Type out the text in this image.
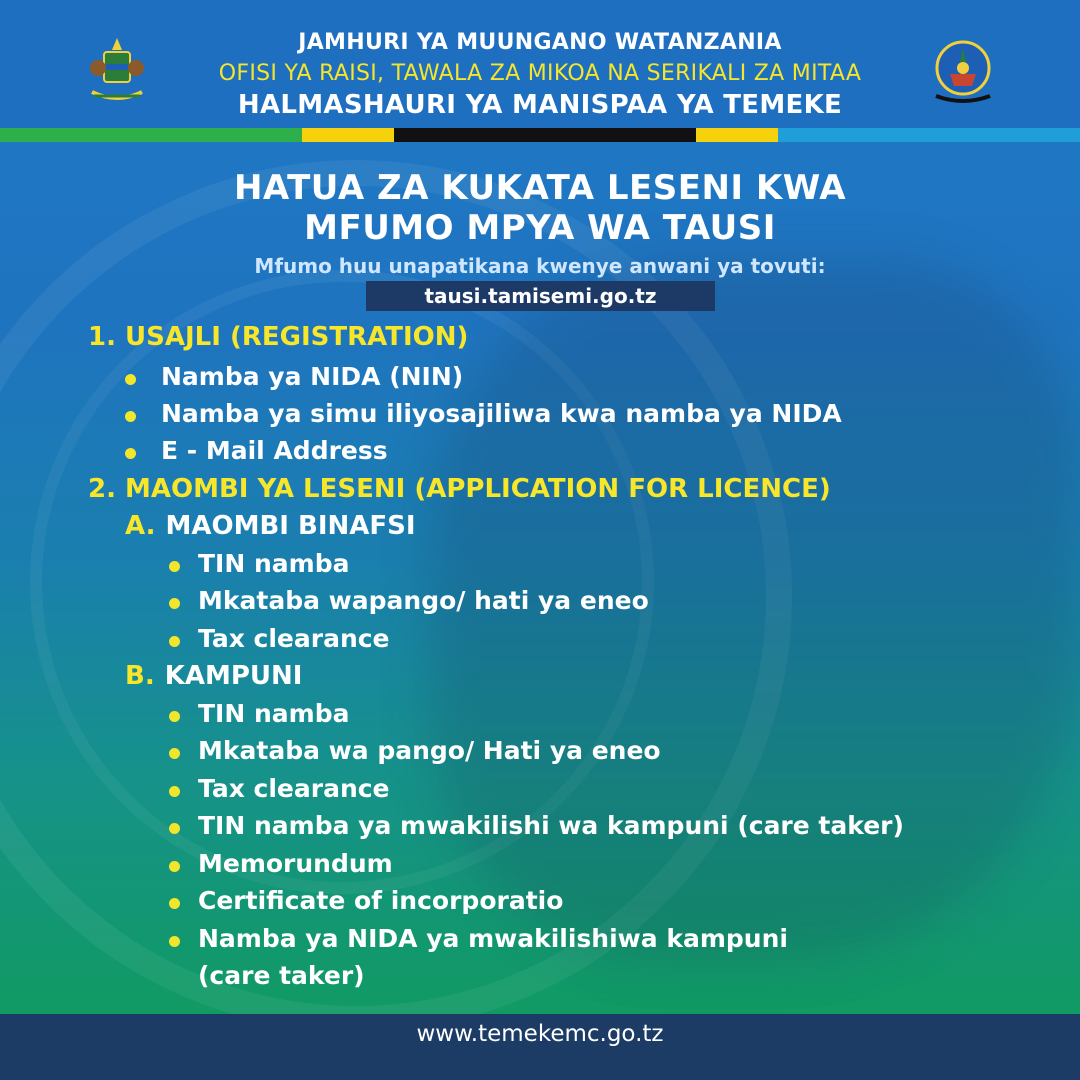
JAMHURI YA MUUNGANO WATANZANIA
OFISI YA RAISI, TAWALA ZA MIKOA NA SERIKALI ZA MITAA
HALMASHAURI YA MANISPAA YA TEMEKE
HATUA ZA KUKATA LESENI KWA
MFUMO MPYA WA TAUSI
Mfumo huu unapatikana kwenye anwani ya tovuti:
tausi.tamisemi.go.tz
1. USAJLI (REGISTRATION)
Namba ya NIDA (NIN)
Namba ya simu iliyosajiliwa kwa namba ya NIDA
E - Mail Address
2. MAOMBI YA LESENI (APPLICATION FOR LICENCE)
A. MAOMBI BINAFSI
TIN namba
Mkataba wapango/ hati ya eneo
Tax clearance
B. KAMPUNI
TIN namba
Mkataba wa pango/ Hati ya eneo
Tax clearance
TIN namba ya mwakilishi wa kampuni (care taker)
Memorundum
Certificate of incorporatio
Namba ya NIDA ya mwakilishiwa kampuni
(care taker)
www.temekemc.go.tz
